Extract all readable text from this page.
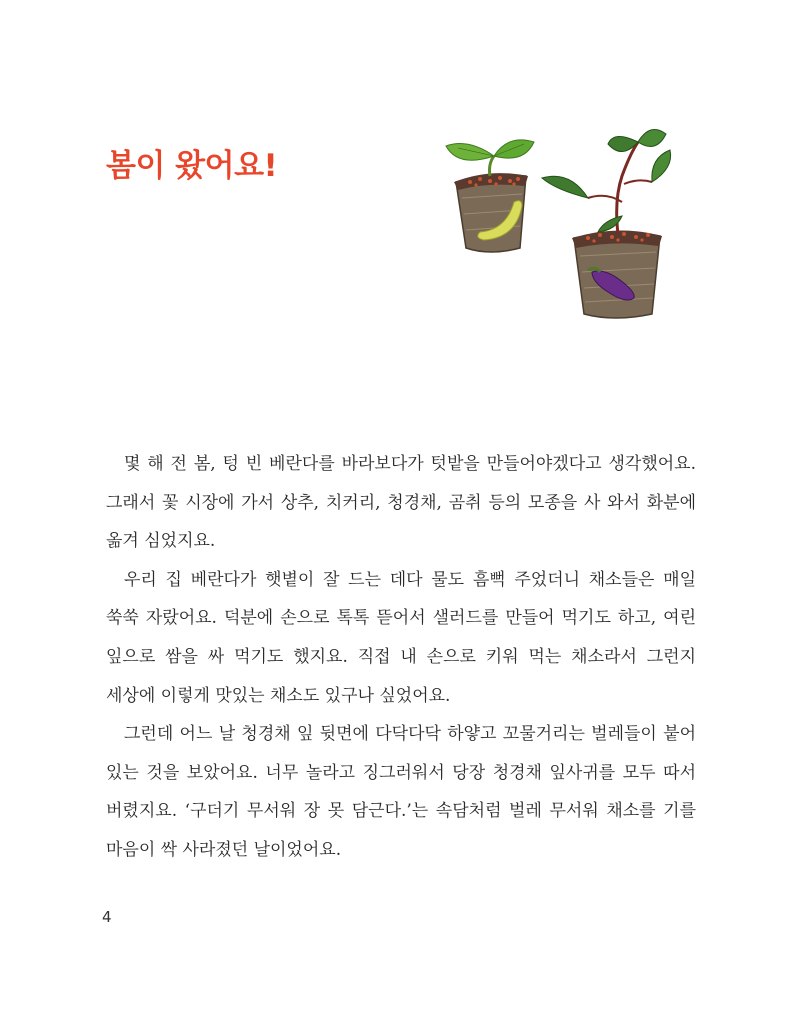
봄이 왔어요!

몇 해 전 봄, 텅 빈 베란다를 바라보다가 텃밭을 만들어야겠다고 생각했어요. 그래서 꽃 시장에 가서 상추, 치커리, 청경채, 곰취 등의 모종을 사 와서 화분에 옮겨 심었지요.

우리 집 베란다가 햇볕이 잘 드는 데다 물도 흠뻑 주었더니 채소들은 매일 쑥쑥 자랐어요. 덕분에 손으로 톡톡 뜯어서 샐러드를 만들어 먹기도 하고, 여린 잎으로 쌈을 싸 먹기도 했지요. 직접 내 손으로 키워 먹는 채소라서 그런지 세상에 이렇게 맛있는 채소도 있구나 싶었어요.

그런데 어느 날 청경채 잎 뒷면에 다닥다닥 하얗고 꼬물거리는 벌레들이 붙어 있는 것을 보았어요. 너무 놀라고 징그러워서 당장 청경채 잎사귀를 모두 따서 버렸지요. ‘구더기 무서워 장 못 담근다.’는 속담처럼 벌레 무서워 채소를 기를 마음이 싹 사라졌던 날이었어요.

4
